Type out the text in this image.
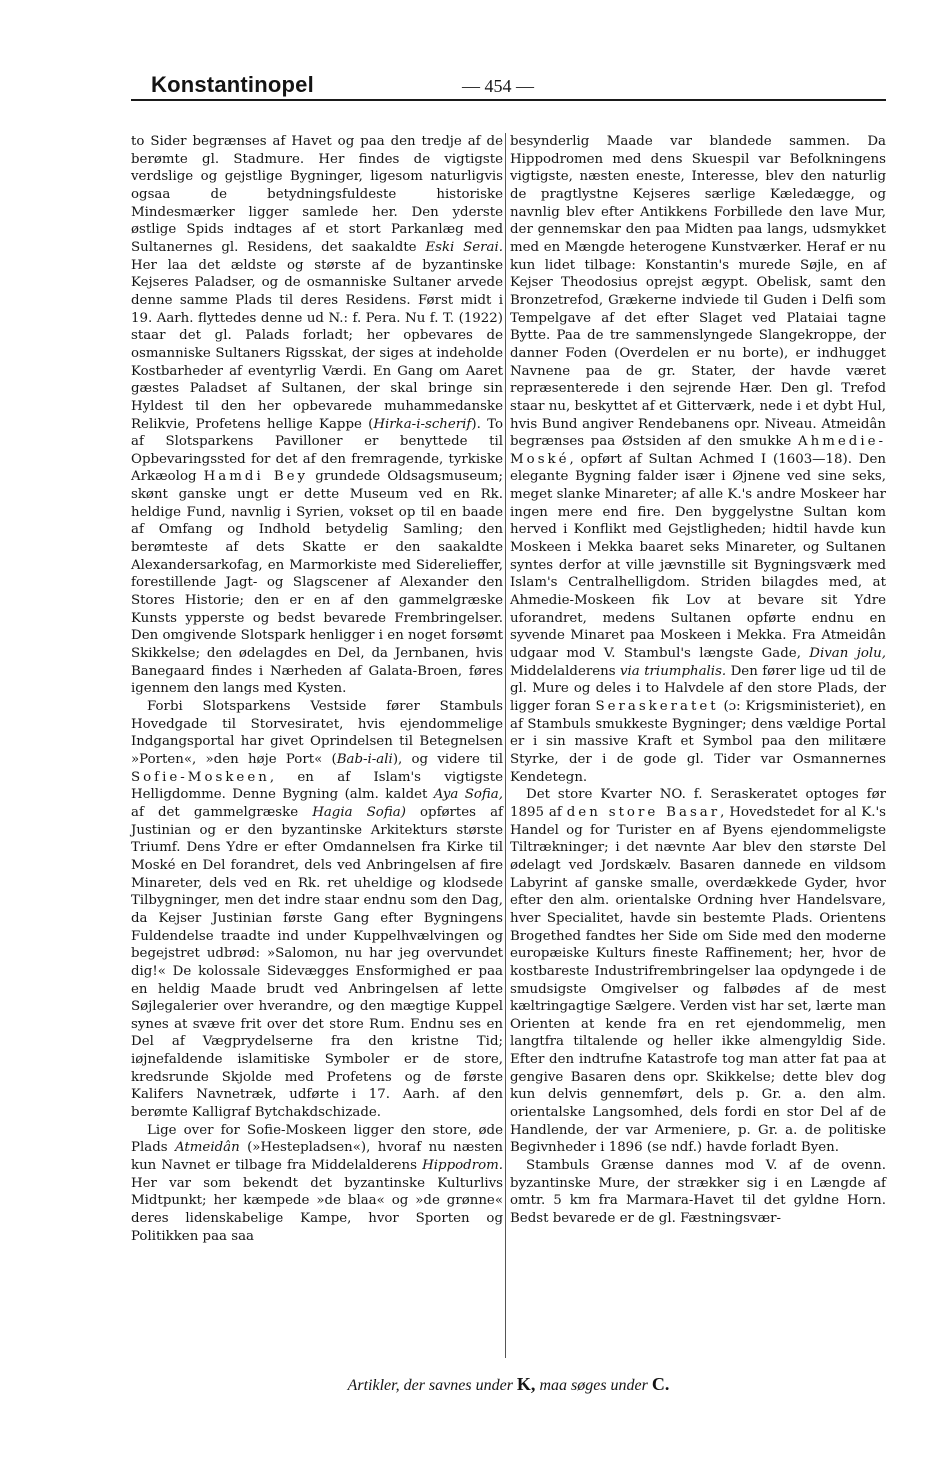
Konstantinopel	— 454 —

to Sider begrænses af Havet og paa den tredje af de berømte gl. Stadmure. Her findes de vigtigste verdslige og gejstlige Bygninger, ligesom naturligvis ogsaa de betydningsfuldeste historiske Mindesmærker ligger samlede her. Den yderste østlige Spids indtages af et stort Parkanlæg med Sultanernes gl. Residens, det saakaldte Eski Serai. Her laa det ældste og største af de byzantinske Kejseres Paladser, og de osmanniske Sultaner arvede denne samme Plads til deres Residens. Først midt i 19. Aarh. flyttedes denne ud N.: f. Pera. Nu f. T. (1922) staar det gl. Palads forladt; her opbevares de osmanniske Sultaners Rigsskat, der siges at indeholde Kostbarheder af eventyrlig Værdi. En Gang om Aaret gæstes Paladset af Sultanen, der skal bringe sin Hyldest til den her opbevarede muhammedanske Relikvie, Profetens hellige Kappe (Hirka-i-scherif). To af Slotsparkens Pavilloner er benyttede til Opbevaringssted for det af den fremragende, tyrkiske Arkæolog Hamdi Bey grundede Oldsagsmuseum; skønt ganske ungt er dette Museum ved en Rk. heldige Fund, navnlig i Syrien, vokset op til en baade af Omfang og Indhold betydelig Samling; den berømteste af dets Skatte er den saakaldte Alexandersarkofag, en Marmorkiste med Siderelieffer, forestillende Jagt- og Slagscener af Alexander den Stores Historie; den er en af den gammelgræske Kunsts ypperste og bedst bevarede Frembringelser. Den omgivende Slotspark henligger i en noget forsømt Skikkelse; den ødelagdes en Del, da Jernbanen, hvis Banegaard findes i Nærheden af Galata-Broen, føres igennem den langs med Kysten.

Forbi Slotsparkens Vestside fører Stambuls Hovedgade til Storvesiratet, hvis ejendommelige Indgangsportal har givet Oprindelsen til Betegnelsen »Porten«, »den høje Port« (Bab-i-ali), og videre til Sofie-Moskeen, en af Islam's vigtigste Helligdomme. Denne Bygning (alm. kaldet Aya Sofia, af det gammelgræske Hagia Sofia) opførtes af Justinian og er den byzantinske Arkitekturs største Triumf. Dens Ydre er efter Omdannelsen fra Kirke til Moské en Del forandret, dels ved Anbringelsen af fire Minareter, dels ved en Rk. ret uheldige og klodsede Tilbygninger, men det indre staar endnu som den Dag, da Kejser Justinian første Gang efter Bygningens Fuldendelse traadte ind under Kuppelhvælvingen og begejstret udbrød: »Salomon, nu har jeg overvundet dig!« De kolossale Sidevægges Ensformighed er paa en heldig Maade brudt ved Anbringelsen af lette Søjlegalerier over hverandre, og den mægtige Kuppel synes at svæve frit over det store Rum. Endnu ses en Del af Vægprydelserne fra den kristne Tid; iøjnefaldende islamitiske Symboler er de store, kredsrunde Skjolde med Profetens og de første Kalifers Navnetræk, udførte i 17. Aarh. af den berømte Kalligraf Bytchakdschizade.

Lige over for Sofie-Moskeen ligger den store, øde Plads Atmeidân (»Hestepladsen«), hvoraf nu næsten kun Navnet er tilbage fra Middelalderens Hippodrom. Her var som bekendt det byzantinske Kulturlivs Midtpunkt; her kæmpede »de blaa« og »de grønne« deres lidenskabelige Kampe, hvor Sporten og Politikken paa saa

besynderlig Maade var blandede sammen. Da Hippodromen med dens Skuespil var Befolkningens vigtigste, næsten eneste, Interesse, blev den naturlig de pragtlystne Kejseres særlige Kæledægge, og navnlig blev efter Antikkens Forbillede den lave Mur, der gennemskar den paa Midten paa langs, udsmykket med en Mængde heterogene Kunstværker. Heraf er nu kun lidet tilbage: Konstantin's murede Søjle, en af Kejser Theodosius oprejst ægypt. Obelisk, samt den Bronzetrefod, Grækerne indviede til Guden i Delfi som Tempelgave af det efter Slaget ved Plataiai tagne Bytte. Paa de tre sammenslyngede Slangekroppe, der danner Foden (Overdelen er nu borte), er indhugget Navnene paa de gr. Stater, der havde været repræsenterede i den sejrende Hær. Den gl. Trefod staar nu, beskyttet af et Gitterværk, nede i et dybt Hul, hvis Bund angiver Rendebanens opr. Niveau. Atmeidân begrænses paa Østsiden af den smukke Ahmedie-Moské, opført af Sultan Achmed I (1603—18). Den elegante Bygning falder især i Øjnene ved sine seks, meget slanke Minareter; af alle K.'s andre Moskeer har ingen mere end fire. Den byggelystne Sultan kom herved i Konflikt med Gejstligheden; hidtil havde kun Moskeen i Mekka baaret seks Minareter, og Sultanen syntes derfor at ville jævnstille sit Bygningsværk med Islam's Centralhelligdom. Striden bilagdes med, at Ahmedie-Moskeen fik Lov at bevare sit Ydre uforandret, medens Sultanen opførte endnu en syvende Minaret paa Moskeen i Mekka. Fra Atmeidân udgaar mod V. Stambul's længste Gade, Divan jolu, Middelalderens via triumphalis. Den fører lige ud til de gl. Mure og deles i to Halvdele af den store Plads, der ligger foran Seraskeratet (ɔ: Krigsministeriet), en af Stambuls smukkeste Bygninger; dens vældige Portal er i sin massive Kraft et Symbol paa den militære Styrke, der i de gode gl. Tider var Osmannernes Kendetegn.

Det store Kvarter NO. f. Seraskeratet optoges før 1895 af den store Basar, Hovedstedet for al K.'s Handel og for Turister en af Byens ejendommeligste Tiltrækninger; i det nævnte Aar blev den største Del ødelagt ved Jordskælv. Basaren dannede en vildsom Labyrint af ganske smalle, overdækkede Gyder, hvor efter den alm. orientalske Ordning hver Handelsvare, hver Specialitet, havde sin bestemte Plads. Orientens Brogethed fandtes her Side om Side med den moderne europæiske Kulturs fineste Raffinement; her, hvor de kostbareste Industrifrembringelser laa opdyngede i de smudsigste Omgivelser og falbødes af de mest kæltringagtige Sælgere. Verden vist har set, lærte man Orienten at kende fra en ret ejendommelig, men langtfra tiltalende og heller ikke almengyldig Side. Efter den indtrufne Katastrofe tog man atter fat paa at gengive Basaren dens opr. Skikkelse; dette blev dog kun delvis gennemført, dels p. Gr. a. den alm. orientalske Langsomhed, dels fordi en stor Del af de Handlende, der var Armeniere, p. Gr. a. de politiske Begivnheder i 1896 (se ndf.) havde forladt Byen.

Stambuls Grænse dannes mod V. af de ovenn. byzantinske Mure, der strækker sig i en Længde af omtr. 5 km fra Marmara-Havet til det gyldne Horn. Bedst bevarede er de gl. Fæstningsvær-

Artikler, der savnes under K, maa søges under C.
